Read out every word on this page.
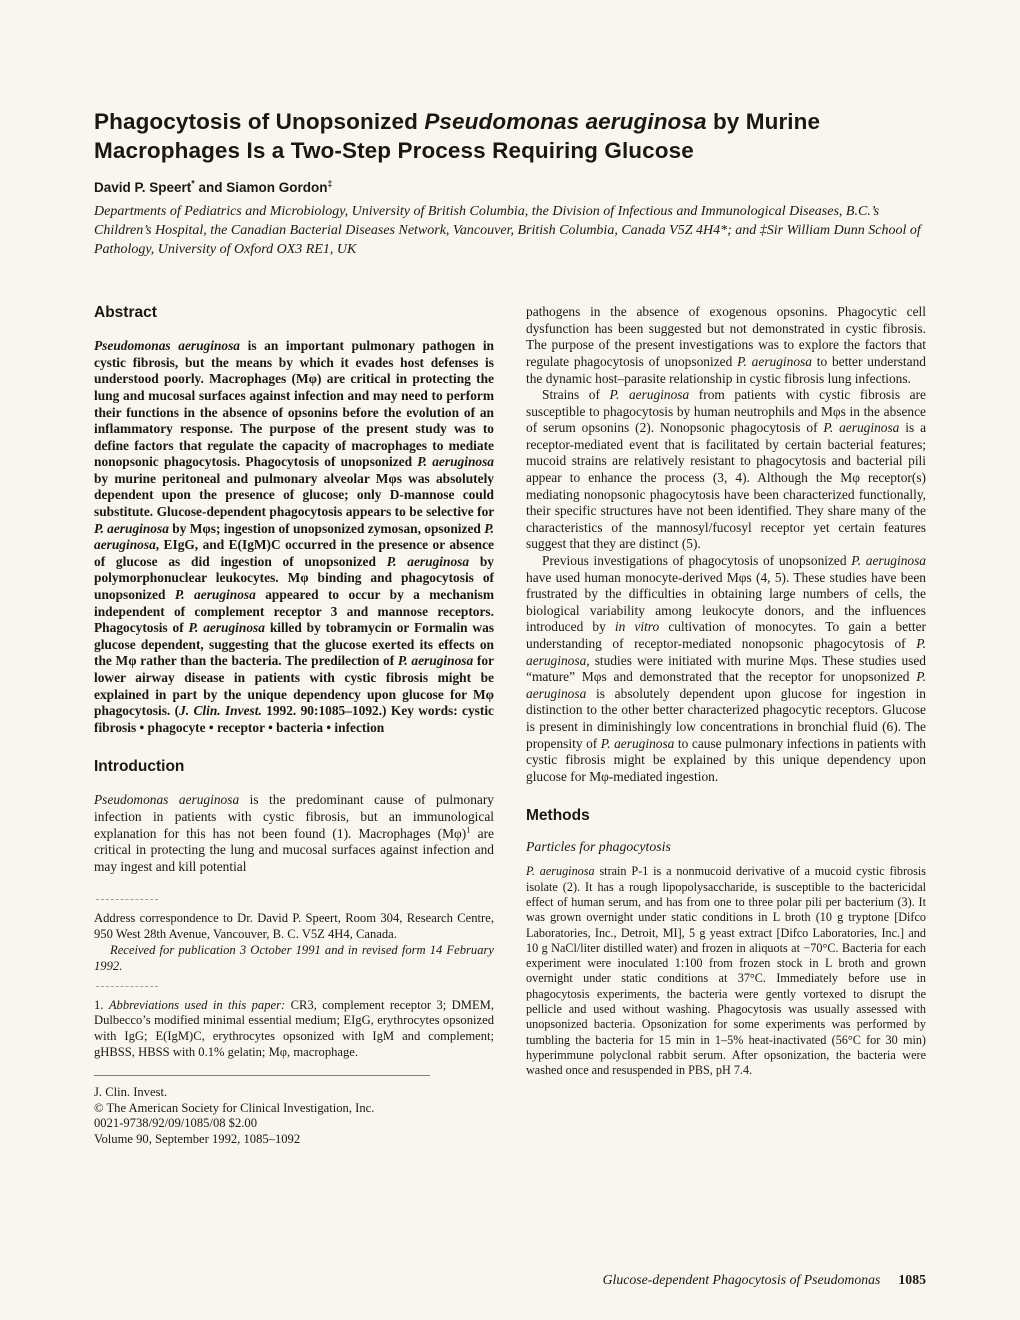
Phagocytosis of Unopsonized Pseudomonas aeruginosa by Murine Macrophages Is a Two-Step Process Requiring Glucose
David P. Speert* and Siamon Gordon‡
Departments of Pediatrics and Microbiology, University of British Columbia, the Division of Infectious and Immunological Diseases, B.C.’s Children’s Hospital, the Canadian Bacterial Diseases Network, Vancouver, British Columbia, Canada V5Z 4H4*; and ‡Sir William Dunn School of Pathology, University of Oxford OX3 RE1, UK
Abstract

Pseudomonas aeruginosa is an important pulmonary pathogen in cystic fibrosis, but the means by which it evades host defenses is understood poorly. Macrophages (Mφ) are critical in protecting the lung and mucosal surfaces against infection and may need to perform their functions in the absence of opsonins before the evolution of an inflammatory response. The purpose of the present study was to define factors that regulate the capacity of macrophages to mediate nonopsonic phagocytosis. Phagocytosis of unopsonized P. aeruginosa by murine peritoneal and pulmonary alveolar Mφs was absolutely dependent upon the presence of glucose; only D-mannose could substitute. Glucose-dependent phagocytosis appears to be selective for P. aeruginosa by Mφs; ingestion of unopsonized zymosan, opsonized P. aeruginosa, EIgG, and E(IgM)C occurred in the presence or absence of glucose as did ingestion of unopsonized P. aeruginosa by polymorphonuclear leukocytes. Mφ binding and phagocytosis of unopsonized P. aeruginosa appeared to occur by a mechanism independent of complement receptor 3 and mannose receptors. Phagocytosis of P. aeruginosa killed by tobramycin or Formalin was glucose dependent, suggesting that the glucose exerted its effects on the Mφ rather than the bacteria. The predilection of P. aeruginosa for lower airway disease in patients with cystic fibrosis might be explained in part by the unique dependency upon glucose for Mφ phagocytosis. (J. Clin. Invest. 1992. 90:1085–1092.) Key words: cystic fibrosis • phagocyte • receptor • bacteria • infection

Introduction

Pseudomonas aeruginosa is the predominant cause of pulmonary infection in patients with cystic fibrosis, but an immunological explanation for this has not been found (1). Macrophages $(M\varphi)^1$ are critical in protecting the lung and mucosal surfaces against infection and may ingest and kill potential

Address correspondence to Dr. David P. Speert, Room 304, Research Centre, 950 West 28th Avenue, Vancouver, B. C. V5Z 4H4, Canada.

Received for publication 3 October 1991 and in revised form 14 February 1992.

1. Abbreviations used in this paper: CR3, complement receptor 3; DMEM, Dulbecco’s modified minimal essential medium; EIgG, erythrocytes opsonized with IgG; E(IgM)C, erythrocytes opsonized with IgM and complement; gHBSS, HBSS with 0.1% gelatin; Mφ, macrophage.

J. Clin. Invest.

© The American Society for Clinical Investigation, Inc.

0021-9738/92/09/1085/08 $2.00

Volume 90, September 1992, 1085–1092

pathogens in the absence of exogenous opsonins. Phagocytic cell dysfunction has been suggested but not demonstrated in cystic fibrosis. The purpose of the present investigations was to explore the factors that regulate phagocytosis of unopsonized P. aeruginosa to better understand the dynamic host–parasite relationship in cystic fibrosis lung infections.

Strains of P. aeruginosa from patients with cystic fibrosis are susceptible to phagocytosis by human neutrophils and Mφs in the absence of serum opsonins (2). Nonopsonic phagocytosis of P. aeruginosa is a receptor-mediated event that is facilitated by certain bacterial features; mucoid strains are relatively resistant to phagocytosis and bacterial pili appear to enhance the process (3, 4). Although the Mφ receptor(s) mediating nonopsonic phagocytosis have been characterized functionally, their specific structures have not been identified. They share many of the characteristics of the mannosyl/fucosyl receptor yet certain features suggest that they are distinct (5).

Previous investigations of phagocytosis of unopsonized P. aeruginosa have used human monocyte-derived Mφs (4, 5). These studies have been frustrated by the difficulties in obtaining large numbers of cells, the biological variability among leukocyte donors, and the influences introduced by in vitro cultivation of monocytes. To gain a better understanding of receptor-mediated nonopsonic phagocytosis of P. aeruginosa, studies were initiated with murine Mφs. These studies used “mature” Mφs and demonstrated that the receptor for unopsonized P. aeruginosa is absolutely dependent upon glucose for ingestion in distinction to the other better characterized phagocytic receptors. Glucose is present in diminishingly low concentrations in bronchial fluid (6). The propensity of P. aeruginosa to cause pulmonary infections in patients with cystic fibrosis might be explained by this unique dependency upon glucose for Mφ-mediated ingestion.

Methods
Particles for phagocytosis

P. aeruginosa strain P-1 is a nonmucoid derivative of a mucoid cystic fibrosis isolate (2). It has a rough lipopolysaccharide, is susceptible to the bactericidal effect of human serum, and has from one to three polar pili per bacterium (3). It was grown overnight under static conditions in L broth (10 g tryptone [Difco Laboratories, Inc., Detroit, MI], 5 g yeast extract [Difco Laboratories, Inc.] and 10 g NaCl/liter distilled water) and frozen in aliquots at −70°C. Bacteria for each experiment were inoculated 1:100 from frozen stock in L broth and grown overnight under static conditions at 37°C. Immediately before use in phagocytosis experiments, the bacteria were gently vortexed to disrupt the pellicle and used without washing. Phagocytosis was usually assessed with unopsonized bacteria. Opsonization for some experiments was performed by tumbling the bacteria for 15 min in 1–5% heat-inactivated (56°C for 30 min) hyperimmune polyclonal rabbit serum. After opsonization, the bacteria were washed once and resuspended in PBS, pH 7.4.

Glucose-dependent Phagocytosis of Pseudomonas 1085
